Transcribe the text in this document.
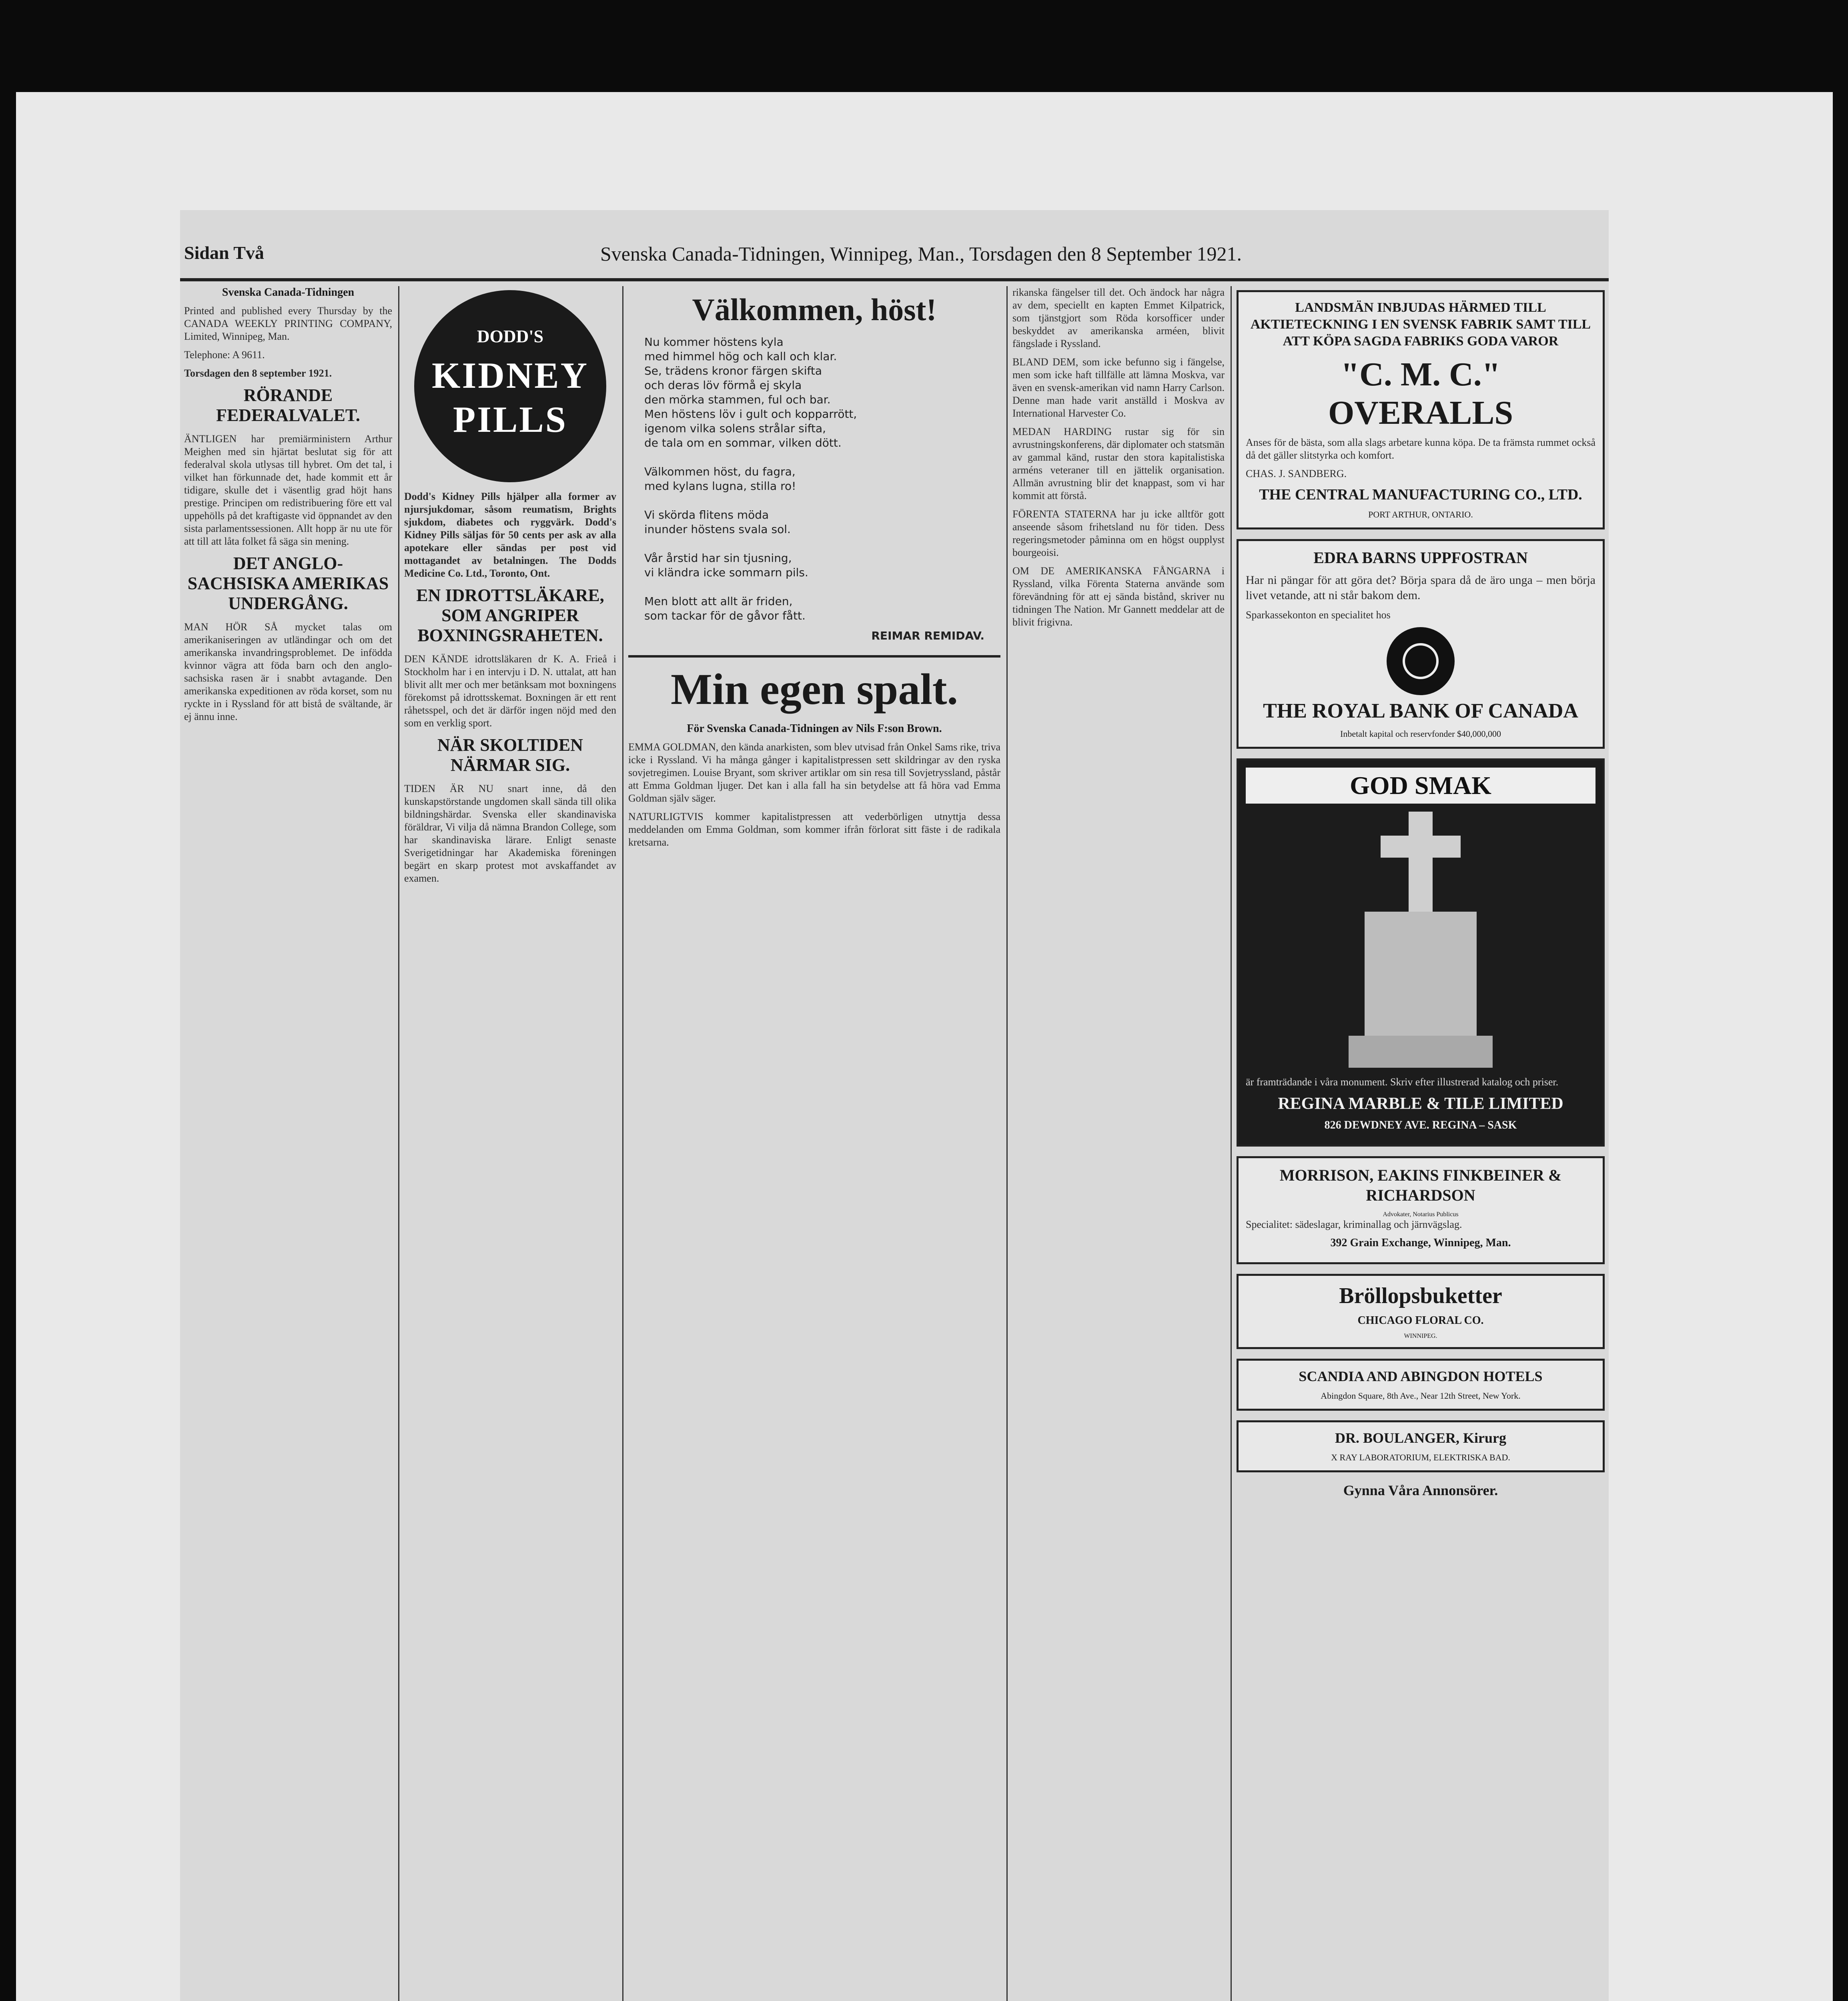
Sidan Två	Svenska Canada-Tidningen, Winnipeg, Man., Torsdagen den 8 September 1921.
Svenska Canada-Tidningen

Printed and published every Thursday by the CANADA WEEKLY PRINTING COMPANY, Limited, Winnipeg, Man.

Telephone: A 9611.

Torsdagen den 8 september 1921.

RÖRANDE FEDERALVALET.

ÄNTLIGEN har premiärministern Arthur Meighen med sin hjärtat beslutat sig för att federalval skola utlysas till hybret. Om det tal, i vilket han förkunnade det, hade kommit ett år tidigare, skulle det i väsentlig grad höjt hans prestige. Principen om redistribuering före ett val uppehölls på det kraftigaste vid öppnandet av den sista parlamentssessionen. Allt hopp är nu ute för att till att låta folket få säga sin mening.

DET ANGLO-SACHSISKA AMERIKAS UNDERGÅNG.

MAN HÖR SÅ mycket talas om amerikaniseringen av utländingar och om det amerikanska invandringsproblemet. De infödda kvinnor vägra att föda barn och den anglo-sachsiska rasen är i snabbt avtagande. Den amerikanska expeditionen av röda korset, som nu ryckte in i Ryssland för att bistå de svältande, är ej ännu inne.

DODD'S
KIDNEY
PILLS

Dodd's Kidney Pills hjälper alla former av njursjukdomar, såsom reumatism, Brights sjukdom, diabetes och ryggvärk. Dodd's Kidney Pills säljas för 50 cents per ask av alla apotekare eller sändas per post vid mottagandet av betalningen. The Dodds Medicine Co. Ltd., Toronto, Ont.

EN IDROTTSLÄKARE, SOM ANGRIPER BOXNINGSRAHETEN.

DEN KÄNDE idrottsläkaren dr K. A. Frieå i Stockholm har i en intervju i D. N. uttalat, att han blivit allt mer och mer betänksam mot boxningens förekomst på idrottsskemat. Boxningen är ett rent råhetsspel, och det är därför ingen nöjd med den som en verklig sport.

NÄR SKOLTIDEN NÄRMAR SIG.

TIDEN ÄR NU snart inne, då den kunskapstörstande ungdomen skall sända till olika bildningshärdar. Svenska eller skandinaviska föräldrar, Vi vilja då nämna Brandon College, som har skandinaviska lärare. Enligt senaste Sverigetidningar har Akademiska föreningen begärt en skarp protest mot avskaffandet av examen.

Välkommen, höst!
Nu kommer höstens kyla
med himmel hög och kall och klar.
Se, trädens kronor färgen skifta
och deras löv förmå ej skyla
den mörka stammen, ful och bar.
Men höstens löv i gult och kopparrött,
igenom vilka solens strålar sifta,
de tala om en sommar, vilken dött.

Välkommen höst, du fagra,
med kylans lugna, stilla ro!

Vi skörda flitens möda
inunder höstens svala sol.

Vår årstid har sin tjusning,
vi kländra icke sommarn pils.

Men blott att allt är friden,
som tackar för de gåvor fått.
REIMAR REMIDAV.
Min egen spalt.
För Svenska Canada-Tidningen av Nils F:son Brown.

EMMA GOLDMAN, den kända anarkisten, som blev utvisad från Onkel Sams rike, triva icke i Ryssland. Vi ha många gånger i kapitalistpressen sett skildringar av den ryska sovjetregimen. Louise Bryant, som skriver artiklar om sin resa till Sovjetryssland, påstår att Emma Goldman ljuger. Det kan i alla fall ha sin betydelse att få höra vad Emma Goldman själv säger.

NATURLIGTVIS kommer kapitalistpressen att vederbörligen utnyttja dessa meddelanden om Emma Goldman, som kommer ifrån förlorat sitt fäste i de radikala kretsarna.

rikanska fängelser till det. Och ändock har några av dem, speciellt en kapten Emmet Kilpatrick, som tjänstgjort som Röda korsofficer under beskyddet av amerikanska arméen, blivit fängslade i Ryssland.

BLAND DEM, som icke befunno sig i fängelse, men som icke haft tillfälle att lämna Moskva, var även en svensk-amerikan vid namn Harry Carlson. Denne man hade varit anställd i Moskva av International Harvester Co.

MEDAN HARDING rustar sig för sin avrustningskonferens, där diplomater och statsmän av gammal känd, rustar den stora kapitalistiska arméns veteraner till en jättelik organisation. Allmän avrustning blir det knappast, som vi har kommit att förstå.

FÖRENTA STATERNA har ju icke alltför gott anseende såsom frihetsland nu för tiden. Dess regeringsmetoder påminna om en högst oupplyst bourgeoisi.

OM DE AMERIKANSKA FÅNGARNA i Ryssland, vilka Förenta Staterna använde som förevändning för att ej sända bistånd, skriver nu tidningen The Nation. Mr Gannett meddelar att de blivit frigivna.

LANDSMÄN INBJUDAS HÄRMED TILL AKTIETECKNING I EN SVENSK FABRIK SAMT TILL ATT KÖPA SAGDA FABRIKS GODA VAROR
"C. M. C." OVERALLS

Anses för de bästa, som alla slags arbetare kunna köpa. De ta främsta rummet också då det gäller slitstyrka och komfort.

CHAS. J. SANDBERG.

THE CENTRAL MANUFACTURING CO., LTD.
PORT ARTHUR, ONTARIO.
EDRA BARNS UPPFOSTRAN

Har ni pängar för att göra det? Börja spara då de äro unga – men börja livet vetande, att ni står bakom dem.

Sparkassekonton en specialitet hos

THE ROYAL BANK OF CANADA
Inbetalt kapital och reservfonder $40,000,000
GOD SMAK

är framträdande i våra monument. Skriv efter illustrerad katalog och priser.

REGINA MARBLE & TILE LIMITED
826 DEWDNEY AVE. REGINA – SASK
MORRISON, EAKINS FINKBEINER & RICHARDSON
Advokater, Notarius Publicus

Specialitet: sädeslagar, kriminallag och järnvägslag.

392 Grain Exchange, Winnipeg, Man.
Bröllopsbuketter
CHICAGO FLORAL CO.
WINNIPEG.
SCANDIA AND ABINGDON HOTELS
Abingdon Square, 8th Ave., Near 12th Street, New York.
DR. BOULANGER, Kirurg
X RAY LABORATORIUM, ELEKTRISKA BAD.
Gynna Våra Annonsörer.
